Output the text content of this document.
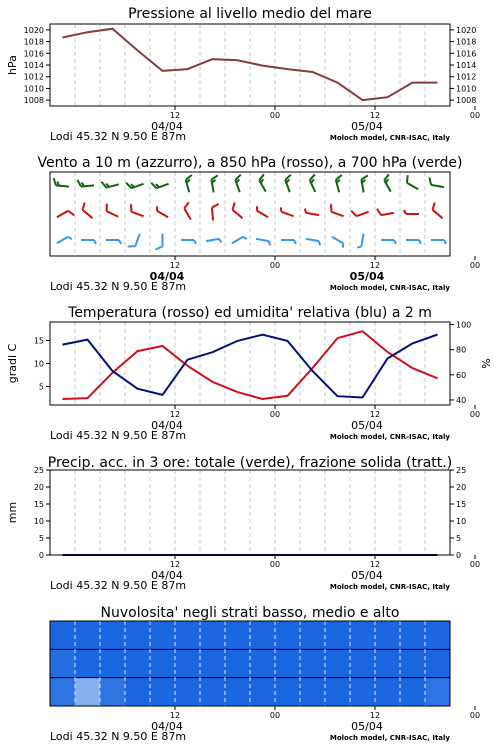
Pressione al livello medio del mare
1008
1010
1012
1014
1016
1018
1020
1008
1010
1012
1014
1016
1018
1020
hPa
12	00	12	00
04/04	05/04
Lodi 45.32 N 9.50 E 87m	Moloch model, CNR-ISAC, Italy
Vento a 10 m (azzurro), a 850 hPa (rosso), a 700 hPa (verde)
12	00	12	00
04/04	05/04
Lodi 45.32 N 9.50 E 87m	Moloch model, CNR-ISAC, Italy
Temperatura (rosso) ed umidita' relativa (blu) a 2 m
5
10
15
40
60
80
100
gradi C	%
12	00	12	00
04/04	05/04
Lodi 45.32 N 9.50 E 87m	Moloch model, CNR-ISAC, Italy
Precip. acc. in 3 ore: totale (verde), frazione solida (tratt.)
0
5
10
15
20
25
0
5
10
15
20
25
mm
12	00	12	00
04/04	05/04
Lodi 45.32 N 9.50 E 87m	Moloch model, CNR-ISAC, Italy
Nuvolosita' negli strati basso, medio e alto
12	00	12	00
04/04	05/04
Lodi 45.32 N 9.50 E 87m	Moloch model, CNR-ISAC, Italy
